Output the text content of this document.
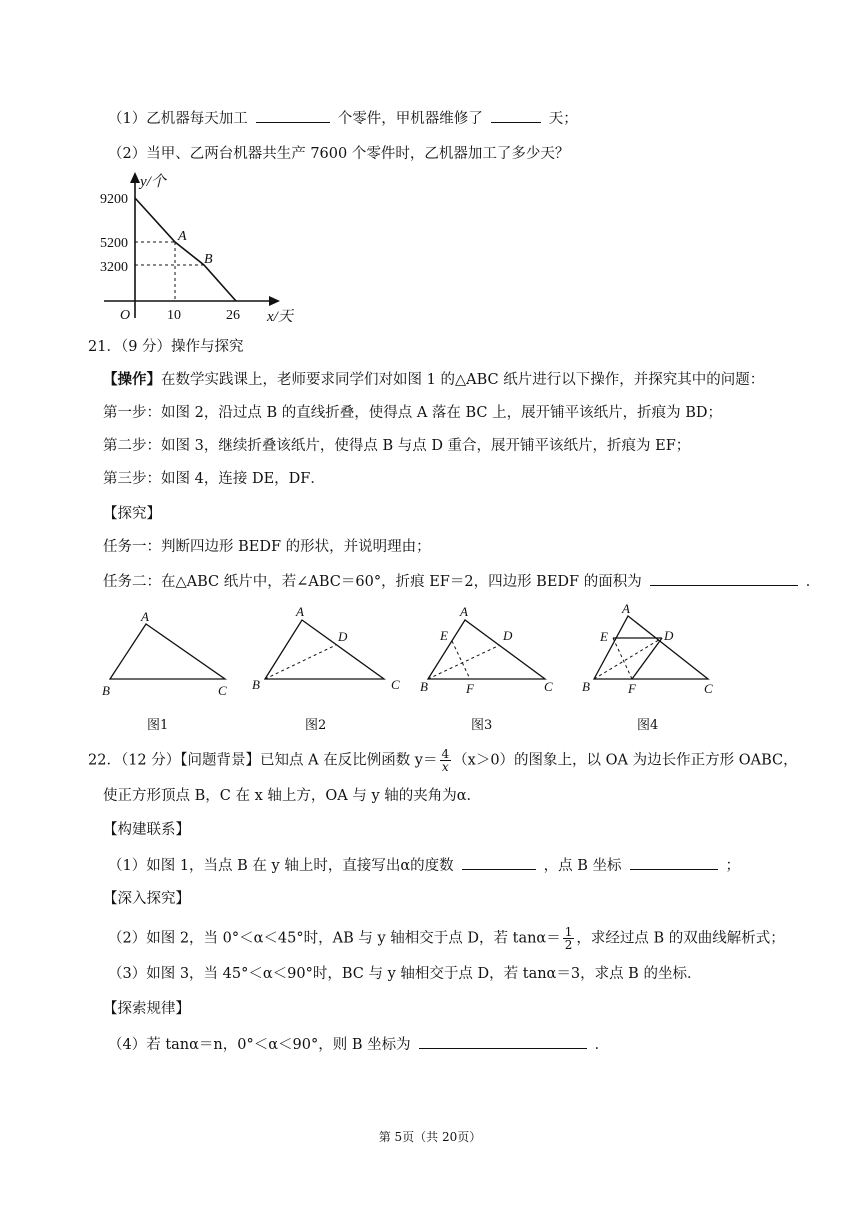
（1）乙机器每天加工	个零件，甲机器维修了	天；
（2）当甲、乙两台机器共生产 7600 个零件时，乙机器加工了多少天？
y/个
9200
5200
3200
O	10	26 x/天
A
B
21．（9 分）操作与探究
【操作】在数学实践课上，老师要求同学们对如图 1 的△ABC 纸片进行以下操作，并探究其中的问题：
第一步：如图 2，沿过点 B 的直线折叠，使得点 A 落在 BC 上，展开铺平该纸片，折痕为 BD；
第二步：如图 3，继续折叠该纸片，使得点 B 与点 D 重合，展开铺平该纸片，折痕为 EF；
第三步：如图 4，连接 DE，DF．
【探究】
任务一：判断四边形 BEDF 的形状，并说明理由；
任务二：在△ABC 纸片中，若∠ABC＝60°，折痕 EF＝2，四边形 BEDF 的面积为	．
A
B	C
A
D
B	C
A
E	D
B	F	C
A
E	D
B	F	C
图1	图2	图3	图4
22．（12 分）【问题背景】已知点 A 在反比例函数 $y= \frac{4}{x} (x>0)$的图象上，以 OA 为边长作正方形 OABC，
使正方形顶点 B，C 在 x 轴上方，OA 与 y 轴的夹角为α．
【构建联系】
（1）如图 1，当点 B 在 y 轴上时，直接写出α的度数	，点 B 坐标	；
【深入探究】
（2）如图 2，当 0°＜α＜45°时，AB 与 y 轴相交于点 D，若 $\tan\alpha= \frac{1}{2}$ ，求经过点 B 的双曲线解析式；
（3）如图 3，当 45°＜α＜90°时，BC 与 y 轴相交于点 D，若 tanα＝3，求点 B 的坐标．
【探索规律】
（4）若 tanα＝n，0°＜α＜90°，则 B 坐标为	．
第 5页（共 20页）
